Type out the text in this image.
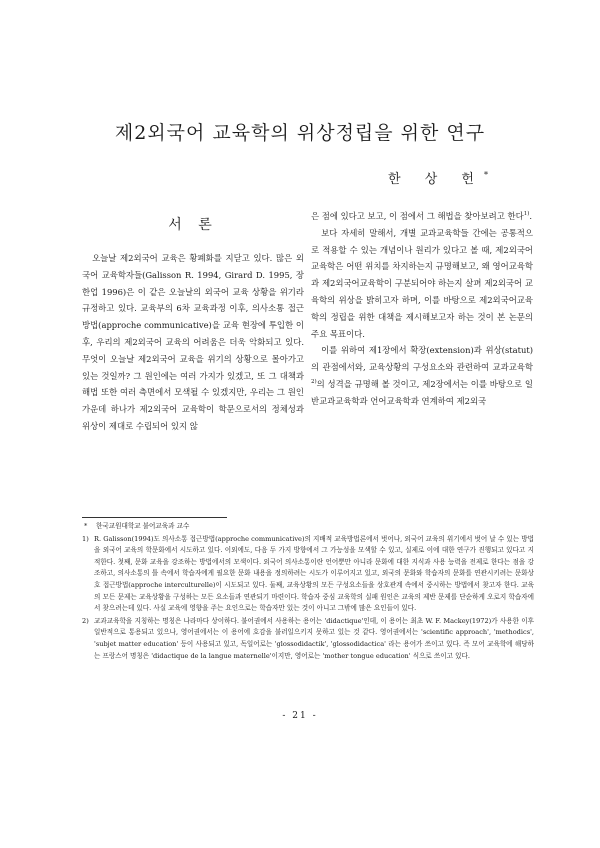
제2외국어 교육학의 위상정립을 위한 연구
한 상 헌*
서 론

오늘날 제2외국어 교육은 황폐화를 지닫고 있다. 많은 외국어 교육학자들(Galisson R. 1994, Girard D. 1995, 장한업 1996)은 이 같은 오늘날의 외국어 교육 상황을 위기라 규정하고 있다. 교육부의 6차 교육과정 이후, 의사소통 접근방법(approche communicative)을 교육 현장에 투입한 이후, 우리의 제2외국어 교육의 어려움은 더욱 악화되고 있다. 무엇이 오늘날 제2외국어 교육을 위기의 상황으로 몰아가고 있는 것일까? 그 원인에는 여러 가지가 있겠고, 또 그 대책과 해법 또한 여러 측면에서 모색될 수 있겠지만, 우리는 그 원인 가운데 하나가 제2외국어 교육학이 학문으로서의 정체성과 위상이 제대로 수립되어 있지 않

은 점에 있다고 보고, 이 점에서 그 해법을 찾아보려고 한다$^{1)}$.

보다 자세히 말해서, 개별 교과교육학들 간에는 공통적으로 적용할 수 있는 개념이나 원리가 있다고 볼 때, 제2외국어 교육학은 어떤 위치를 차지하는지 규명해보고, 왜 영어교육학과 제2외국어교육학이 구분되어야 하는지 살펴 제2외국어 교육학의 위상을 밝히고자 하며, 이를 바탕으로 제2외국어교육학의 정립을 위한 대책을 제시해보고자 하는 것이 본 논문의 주요 목표이다.

이를 위하여 제1장에서 확장(extension)과 위상(statut)의 관점에서와, 교육상황의 구성요소와 관련하여 교과교육학$^{2)}$의 성격을 규명해 볼 것이고, 제2장에서는 이를 바탕으로 일반교과교육학과 언어교육학과 연계하여 제2외국

*	한국교원대학교 불어교육과 교수
1) R. Galisson(1994)도 의사소통 접근방법(approche communicative)의 지배적 교육방법론에서 벗어나, 외국어 교육의 위기에서 벗어 날 수 있는 방법을 외국어 교육의 학문화에서 시도하고 있다. 이외에도, 다음 두 가지 방향에서 그 가능성을 모색할 수 있고, 실제로 이에 대한 연구가 진행되고 있다고 지적한다. 첫째, 문화 교육을 강조하는 방법에서의 모색이다. 외국어 의사소통이란 언어뿐만 아니라 문화에 대한 지식과 사용 능력을 전제로 한다는 점을 강조하고, 의사소통의 틀 속에서 학습자에게 필요한 문화 내용을 정의하려는 시도가 이루어지고 있고, 외국의 문화와 학습자의 문화를 연관시키려는 문화상호 접근방법(approche interculturelle)이 시도되고 있다. 둘째, 교육상황의 모든 구성요소들을 상호관계 속에서 중시하는 방법에서 찾고자 한다. 교육의 모든 문제는 교육상황을 구성하는 모든 요소들과 연관되기 마련이다. 학습자 중심 교육학의 실패 원인은 교육의 제반 문제를 단순하게 오로지 학습자에서 찾으려는데 있다. 사실 교육에 영향을 주는 요인으로는 학습자만 있는 것이 아니고 그밖에 많은 요인들이 있다.
2) 교과교육학을 지칭하는 명칭은 나라마다 상이하다. 불어권에서 사용하는 용어는 'didactique'인데, 이 용어는 최초 W. F. Mackey(1972)가 사용한 이후 일반적으로 통용되고 있으나, 영어권에서는 이 용어에 호감을 불러일으키지 못하고 있는 것 같다. 영어권에서는 'scientific approach', 'methodics', 'subjet matter education' 등이 사용되고 있고, 독일어로는 'glossodidactik', 'glossodidactica' 라는 용어가 쓰이고 있다. 즉 모어 교육학에 해당하는 프랑스어 명칭은 'didactique de la langue maternelle'이지만, 영어로는 'mother tongue education' 식으로 쓰이고 있다.
- 21 -
